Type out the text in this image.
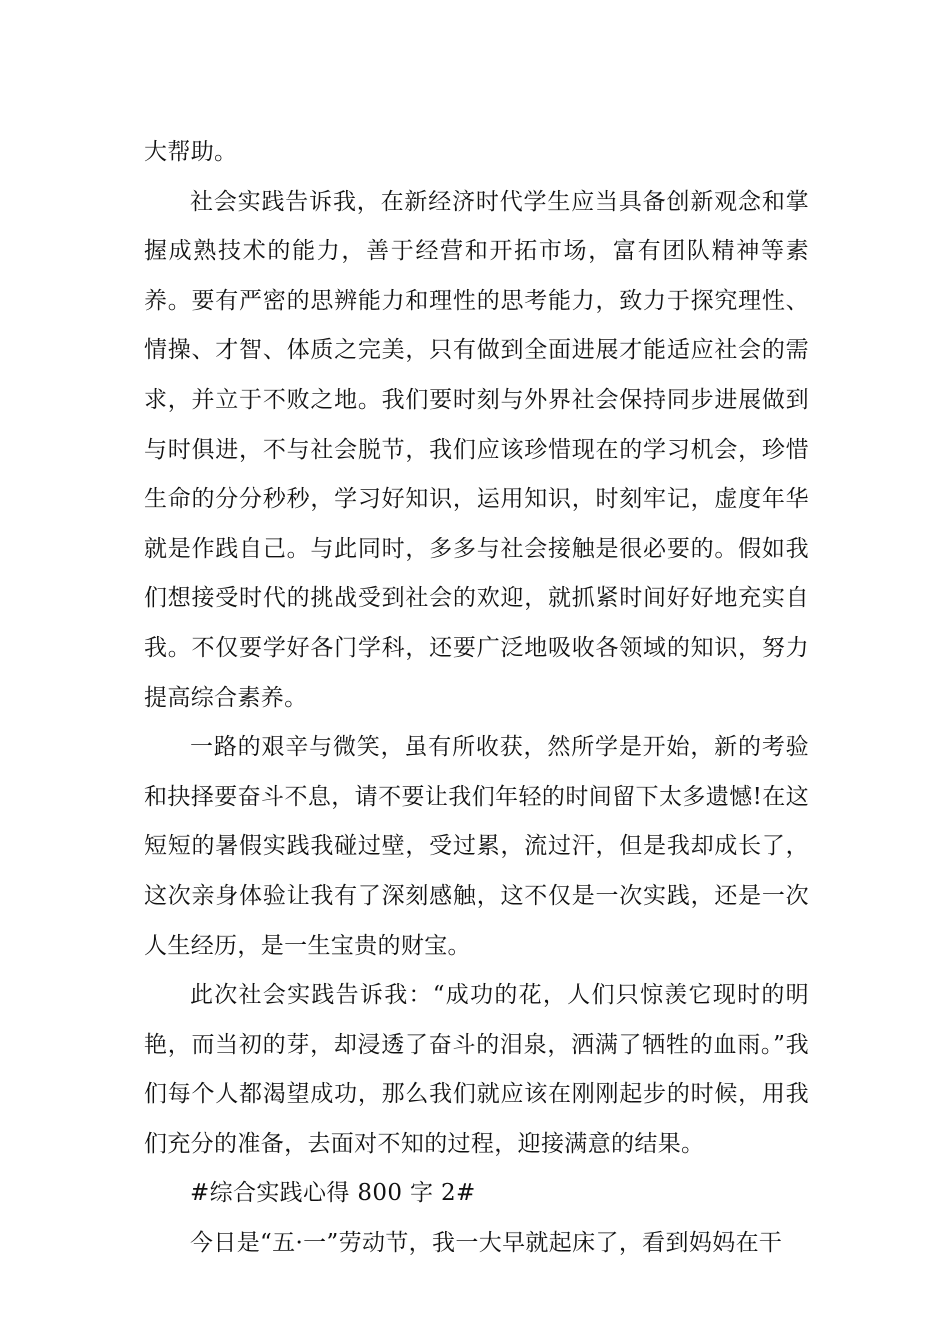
大帮助。

社会实践告诉我，在新经济时代学生应当具备创新观念和掌握成熟技术的能力，善于经营和开拓市场，富有团队精神等素养。要有严密的思辨能力和理性的思考能力，致力于探究理性、情操、才智、体质之完美，只有做到全面进展才能适应社会的需求，并立于不败之地。我们要时刻与外界社会保持同步进展做到与时俱进，不与社会脱节，我们应该珍惜现在的学习机会，珍惜生命的分分秒秒，学习好知识，运用知识，时刻牢记，虚度年华就是作践自己。与此同时，多多与社会接触是很必要的。假如我们想接受时代的挑战受到社会的欢迎，就抓紧时间好好地充实自我。不仅要学好各门学科，还要广泛地吸收各领域的知识，努力提高综合素养。

一路的艰辛与微笑，虽有所收获，然所学是开始，新的考验和抉择要奋斗不息，请不要让我们年轻的时间留下太多遗憾!在这短短的暑假实践我碰过壁，受过累，流过汗，但是我却成长了，这次亲身体验让我有了深刻感触，这不仅是一次实践，还是一次人生经历，是一生宝贵的财宝。

此次社会实践告诉我：“成功的花，人们只惊羡它现时的明艳，而当初的芽，却浸透了奋斗的泪泉，洒满了牺牲的血雨。”我们每个人都渴望成功，那么我们就应该在刚刚起步的时候，用我们充分的准备，去面对不知的过程，迎接满意的结果。

#综合实践心得 800 字 2#

今日是“五·一”劳动节，我一大早就起床了，看到妈妈在干
